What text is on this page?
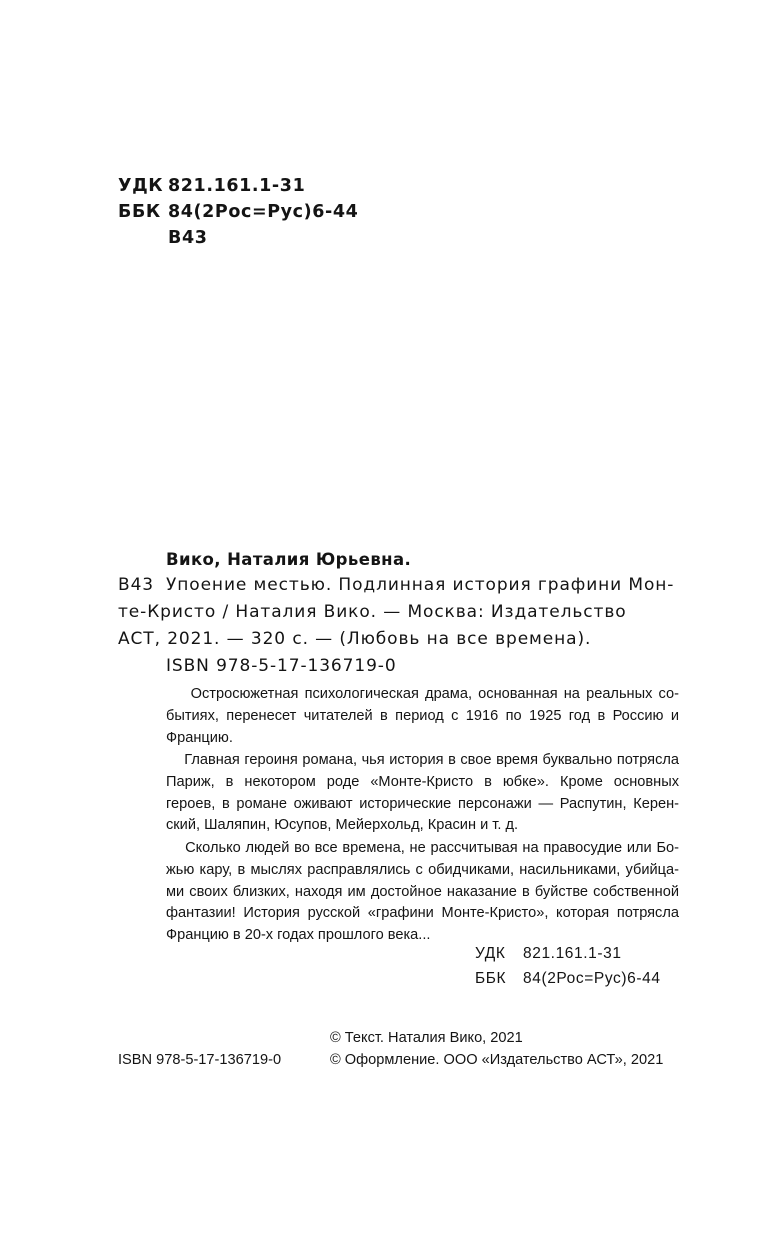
УДК 821.161.1-31
ББК 84(2Рос=Рус)6-44
В43
Вико, Наталия Юрьевна.
В43 Упоение местью. Подлинная история графини Мон-
те-Кристо / Наталия Вико. — Москва: Издательство
АСТ, 2021. — 320 с. — (Любовь на все времена).
ISBN 978-5-17-136719-0
Остросюжетная психологическая драма, основанная на реальных со-
бытиях, перенесет читателей в период с 1916 по 1925 год в Россию и
Францию.
Главная героиня романа, чья история в свое время буквально потрясла
Париж, в некотором роде «Монте-Кристо в юбке». Кроме основных
героев, в романе оживают исторические персонажи — Распутин, Керен-
ский, Шаляпин, Юсупов, Мейерхольд, Красин и т. д.
Сколько людей во все времена, не рассчитывая на правосудие или Бо-
жью кару, в мыслях расправлялись с обидчиками, насильниками, убийца-
ми своих близких, находя им достойное наказание в буйстве собственной
фантазии! История русской «графини Монте-Кристо», которая потрясла
Францию в 20-х годах прошлого века...
УДК 821.161.1-31
ББК 84(2Рос=Рус)6-44
© Текст. Наталия Вико, 2021
ISBN 978-5-17-136719-0	© Оформление. ООО «Издательство АСТ», 2021
